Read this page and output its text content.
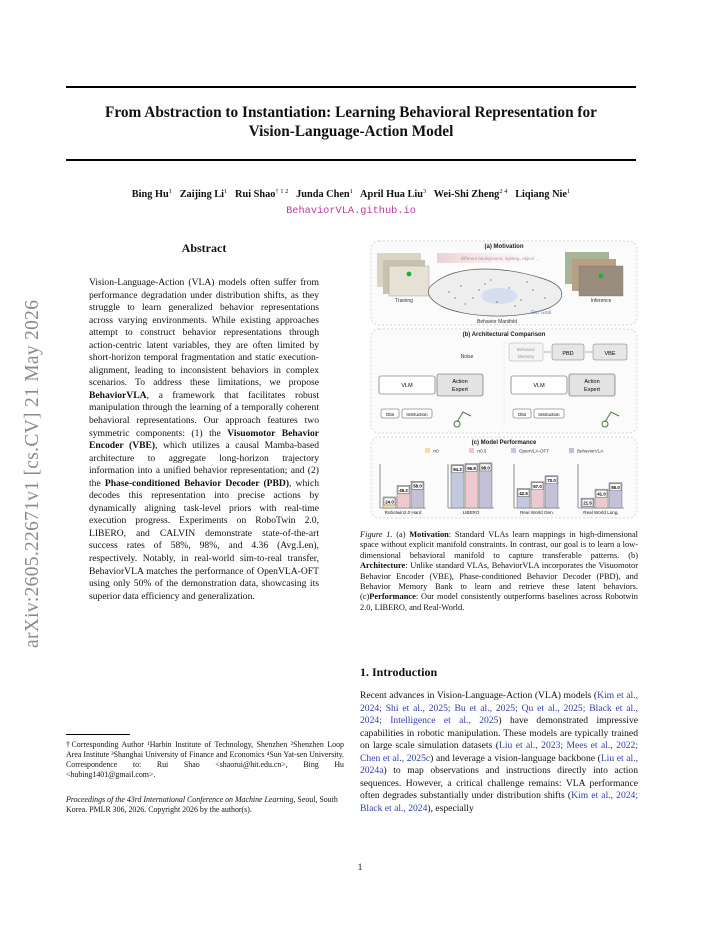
From Abstraction to Instantiation: Learning Behavioral Representation for
Vision-Language-Action Model
Bing Hu$^1$ Zaijing Li$^1$ Rui Shao$^{\dagger 1 2}$ Junda Chen$^1$ April Hua Liu$^3$ Wei-Shi Zheng$^{2 4}$ Liqiang Nie$^1$
BehaviorVLA.github.io
arXiv:2605.22671v1 [cs.CV] 21 May 2026
Abstract
Vision-Language-Action (VLA) models often suffer from performance degradation under distribution shifts, as they struggle to learn generalized behavior representations across varying environments. While existing approaches attempt to construct behavior representations through action-centric latent variables, they are often limited by short-horizon temporal fragmentation and static execution-alignment, leading to inconsistent behaviors in complex scenarios. To address these limitations, we propose BehaviorVLA, a framework that facilitates robust manipulation through the learning of a temporally coherent behavioral representations. Our approach features two symmetric components: (1) the Visuomotor Behavior Encoder (VBE), which utilizes a causal Mamba-based architecture to aggregate long-horizon trajectory information into a unified behavior representation; and (2) the Phase-conditioned Behavior Decoder (PBD), which decodes this representation into precise actions by dynamically aligning task-level priors with real-time execution progress. Experiments on RoboTwin 2.0, LIBERO, and CALVIN demonstrate state-of-the-art success rates of 58%, 98%, and 4.36 (Avg.Len), respectively. Notably, in real-world sim-to-real transfer, BehaviorVLA matches the performance of OpenVLA-OFT using only 50% of the demonstration data, showcasing its superior data efficiency and generalization.
†Corresponding Author ¹Harbin Institute of Technology, Shenzhen ²Shenzhen Loop Area Institute ³Shanghai University of Finance and Economics ⁴Sun Yat-sen University. Correspondence to: Rui Shao <shaorui@hit.edu.cn>, Bing Hu <hubing1401@gmail.com>.
Proceedings of the 43rd International Conference on Machine Learning, Seoul, South Korea. PMLR 306, 2026. Copyright 2026 by the author(s).
(a) Motivation
Training	Inference
different background, lighting, object ...
Our Goal
Behavior Manifold
(b) Architectural Comparison
Noise
VLM
Action
Expert
Obs	Instruction
Behavior
Memory	PBD	VBE
VLM
Action
Expert
Obs	Instruction
(c) Model Performance
π0	π0.5	OpenVLA-OFT	BehaviorVLA
24.0
49.2
58.0
Robotwin2.0 Hard
94.2 96.9 98.0
LIBERO
42.5
57.0
70.0
Real World Gen.
21.5
41.0
55.0
Real World Long.
Figure 1. (a) Motivation: Standard VLAs learn mappings in high-dimensional space without explicit manifold constraints. In contrast, our goal is to learn a low-dimensional behavioral manifold to capture transferable patterns. (b) Architecture: Unlike standard VLAs, BehaviorVLA incorporates the Visuomotor Behavior Encoder (VBE), Phase-conditioned Behavior Decoder (PBD), and Behavior Memory Bank to learn and retrieve these latent behaviors. (c)Performance: Our model consistently outperforms baselines across Robotwin 2.0, LIBERO, and Real-World.
1. Introduction
Recent advances in Vision-Language-Action (VLA) models (Kim et al., 2024; Shi et al., 2025; Bu et al., 2025; Qu et al., 2025; Black et al., 2024; Intelligence et al., 2025) have demonstrated impressive capabilities in robotic manipulation. These models are typically trained on large scale simulation datasets (Liu et al., 2023; Mees et al., 2022; Chen et al., 2025c) and leverage a vision-language backbone (Liu et al., 2024a) to map observations and instructions directly into action sequences. However, a critical challenge remains: VLA performance often degrades substantially under distribution shifts (Kim et al., 2024; Black et al., 2024), especially
1
